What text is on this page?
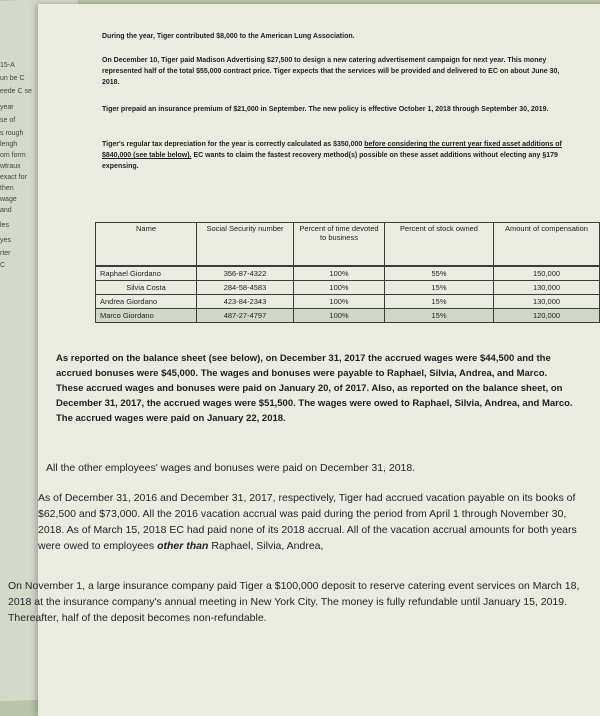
15-A
un be C
eede C se
year
se of
s rough
lengh
om form
wtraux
exact for
then
wage
and
les
yes
rter
C
During the year, Tiger contributed $8,000 to the American Lung Association.
On December 10, Tiger paid Madison Advertising $27,500 to design a new catering advertisement campaign for next year. This money represented half of the total $55,000 contract price. Tiger expects that the services will be provided and delivered to EC on about June 30, 2018.
Tiger prepaid an insurance premium of $21,000 in September. The new policy is effective October 1, 2018 through September 30, 2019.
Tiger's regular tax depreciation for the year is correctly calculated as $350,000 before considering the current year fixed asset additions of $840,000 (see table below). EC wants to claim the fastest recovery method(s) possible on these asset additions without electing any §179 expensing.
Name	Social Security number	Percent of time devoted to business	Percent of stock owned	Amount of compensation
Raphael Giordano	356-87-4322	100%	55%	150,000
Silvia Costa	284-58-4583	100%	15%	130,000
Andrea Giordano	423-84-2343	100%	15%	130,000
Marco Giordano	487-27-4797	100%	15%	120,000
As reported on the balance sheet (see below), on December 31, 2017 the accrued wages were $44,500 and the accrued bonuses were $45,000. The wages and bonuses were payable to Raphael, Silvia, Andrea, and Marco. These accrued wages and bonuses were paid on January 20, of 2017. Also, as reported on the balance sheet, on December 31, 2017, the accrued wages were $51,500. The wages were owed to Raphael, Silvia, Andrea, and Marco. The accrued wages were paid on January 22, 2018.
All the other employees' wages and bonuses were paid on December 31, 2018.
As of December 31, 2016 and December 31, 2017, respectively, Tiger had accrued vacation payable on its books of $62,500 and $73,000. All the 2016 vacation accrual was paid during the period from April 1 through November 30, 2018. As of March 15, 2018 EC had paid none of its 2018 accrual. All of the vacation accrual amounts for both years were owed to employees other than Raphael, Silvia, Andrea,
On November 1, a large insurance company paid Tiger a $100,000 deposit to reserve catering event services on March 18, 2018 at the insurance company's annual meeting in New York City. The money is fully refundable until January 15, 2019. Thereafter, half of the deposit becomes non-refundable.
